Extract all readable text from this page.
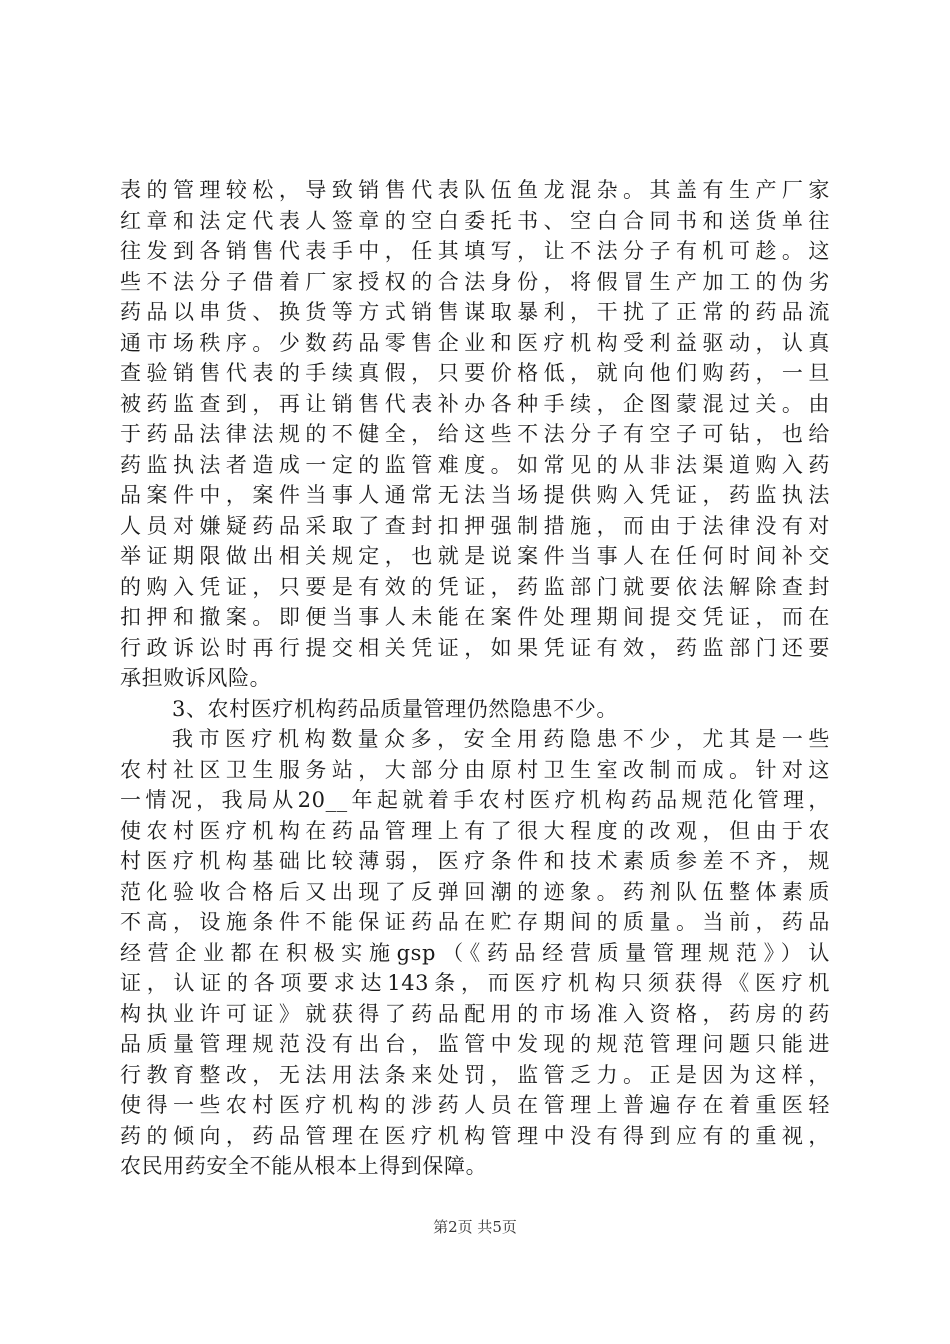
表的管理较松，导致销售代表队伍鱼龙混杂。其盖有生产厂家
红章和法定代表人签章的空白委托书、空白合同书和送货单往
往发到各销售代表手中，任其填写，让不法分子有机可趁。这
些不法分子借着厂家授权的合法身份，将假冒生产加工的伪劣
药品以串货、换货等方式销售谋取暴利，干扰了正常的药品流
通市场秩序。少数药品零售企业和医疗机构受利益驱动，认真
查验销售代表的手续真假，只要价格低，就向他们购药，一旦
被药监查到，再让销售代表补办各种手续，企图蒙混过关。由
于药品法律法规的不健全，给这些不法分子有空子可钻，也给
药监执法者造成一定的监管难度。如常见的从非法渠道购入药
品案件中，案件当事人通常无法当场提供购入凭证，药监执法
人员对嫌疑药品采取了查封扣押强制措施，而由于法律没有对
举证期限做出相关规定，也就是说案件当事人在任何时间补交
的购入凭证，只要是有效的凭证，药监部门就要依法解除查封
扣押和撤案。即便当事人未能在案件处理期间提交凭证，而在
行政诉讼时再行提交相关凭证，如果凭证有效，药监部门还要
承担败诉风险。
3、农村医疗机构药品质量管理仍然隐患不少。
我市医疗机构数量众多，安全用药隐患不少，尤其是一些
农村社区卫生服务站，大部分由原村卫生室改制而成。针对这
一情况，我局从20__年起就着手农村医疗机构药品规范化管理，
使农村医疗机构在药品管理上有了很大程度的改观，但由于农
村医疗机构基础比较薄弱，医疗条件和技术素质参差不齐，规
范化验收合格后又出现了反弹回潮的迹象。药剂队伍整体素质
不高，设施条件不能保证药品在贮存期间的质量。当前，药品
经营企业都在积极实施gsp（《药品经营质量管理规范》）认
证，认证的各项要求达143条，而医疗机构只须获得《医疗机
构执业许可证》就获得了药品配用的市场准入资格，药房的药
品质量管理规范没有出台，监管中发现的规范管理问题只能进
行教育整改，无法用法条来处罚，监管乏力。正是因为这样，
使得一些农村医疗机构的涉药人员在管理上普遍存在着重医轻
药的倾向，药品管理在医疗机构管理中没有得到应有的重视，
农民用药安全不能从根本上得到保障。
第2页 共5页
